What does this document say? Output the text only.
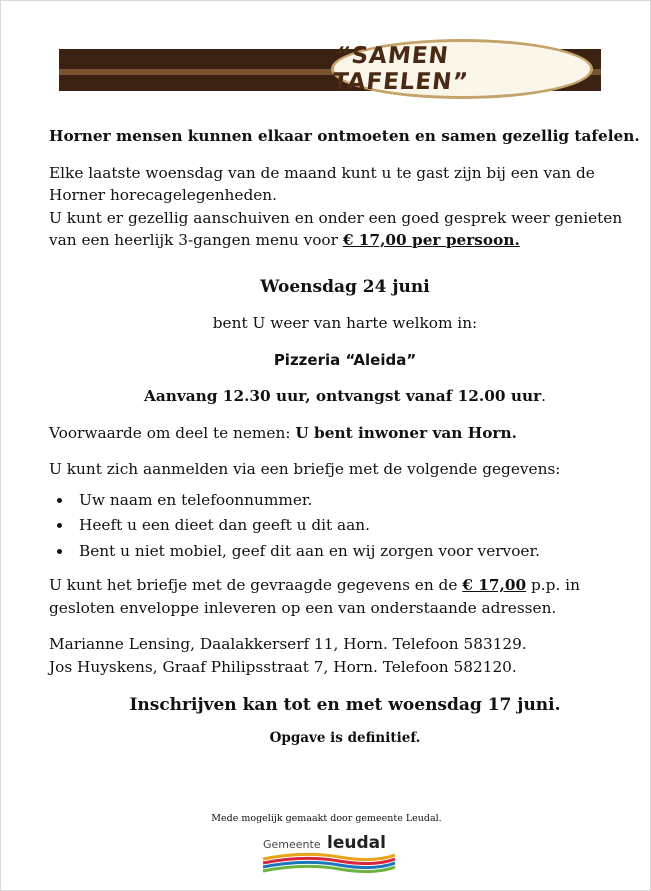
“SAMEN TAFELEN”

Horner mensen kunnen elkaar ontmoeten en samen gezellig tafelen.

Elke laatste woensdag van de maand kunt u te gast zijn bij een van de Horner horecagelegenheden.

U kunt er gezellig aanschuiven en onder een goed gesprek weer genieten van een heerlijk 3-gangen menu voor € 17,00 per persoon.

Woensdag 24 juni

bent U weer van harte welkom in:

Pizzeria “Aleida”

Aanvang 12.30 uur, ontvangst vanaf 12.00 uur.

Voorwaarde om deel te nemen: U bent inwoner van Horn.

U kunt zich aanmelden via een briefje met de volgende gegevens:

• Uw naam en telefoonnummer.
• Heeft u een dieet dan geeft u dit aan.
• Bent u niet mobiel, geef dit aan en wij zorgen voor vervoer.

U kunt het briefje met de gevraagde gegevens en de € 17,00 p.p. in gesloten enveloppe inleveren op een van onderstaande adressen.

Marianne Lensing, Daalakkerserf 11, Horn. Telefoon 583129.

Jos Huyskens, Graaf Philipsstraat 7, Horn. Telefoon 582120.

Inschrijven kan tot en met woensdag 17 juni.

Opgave is definitief.

Mede mogelijk gemaakt door gemeente Leudal.
Gemeente leudal
